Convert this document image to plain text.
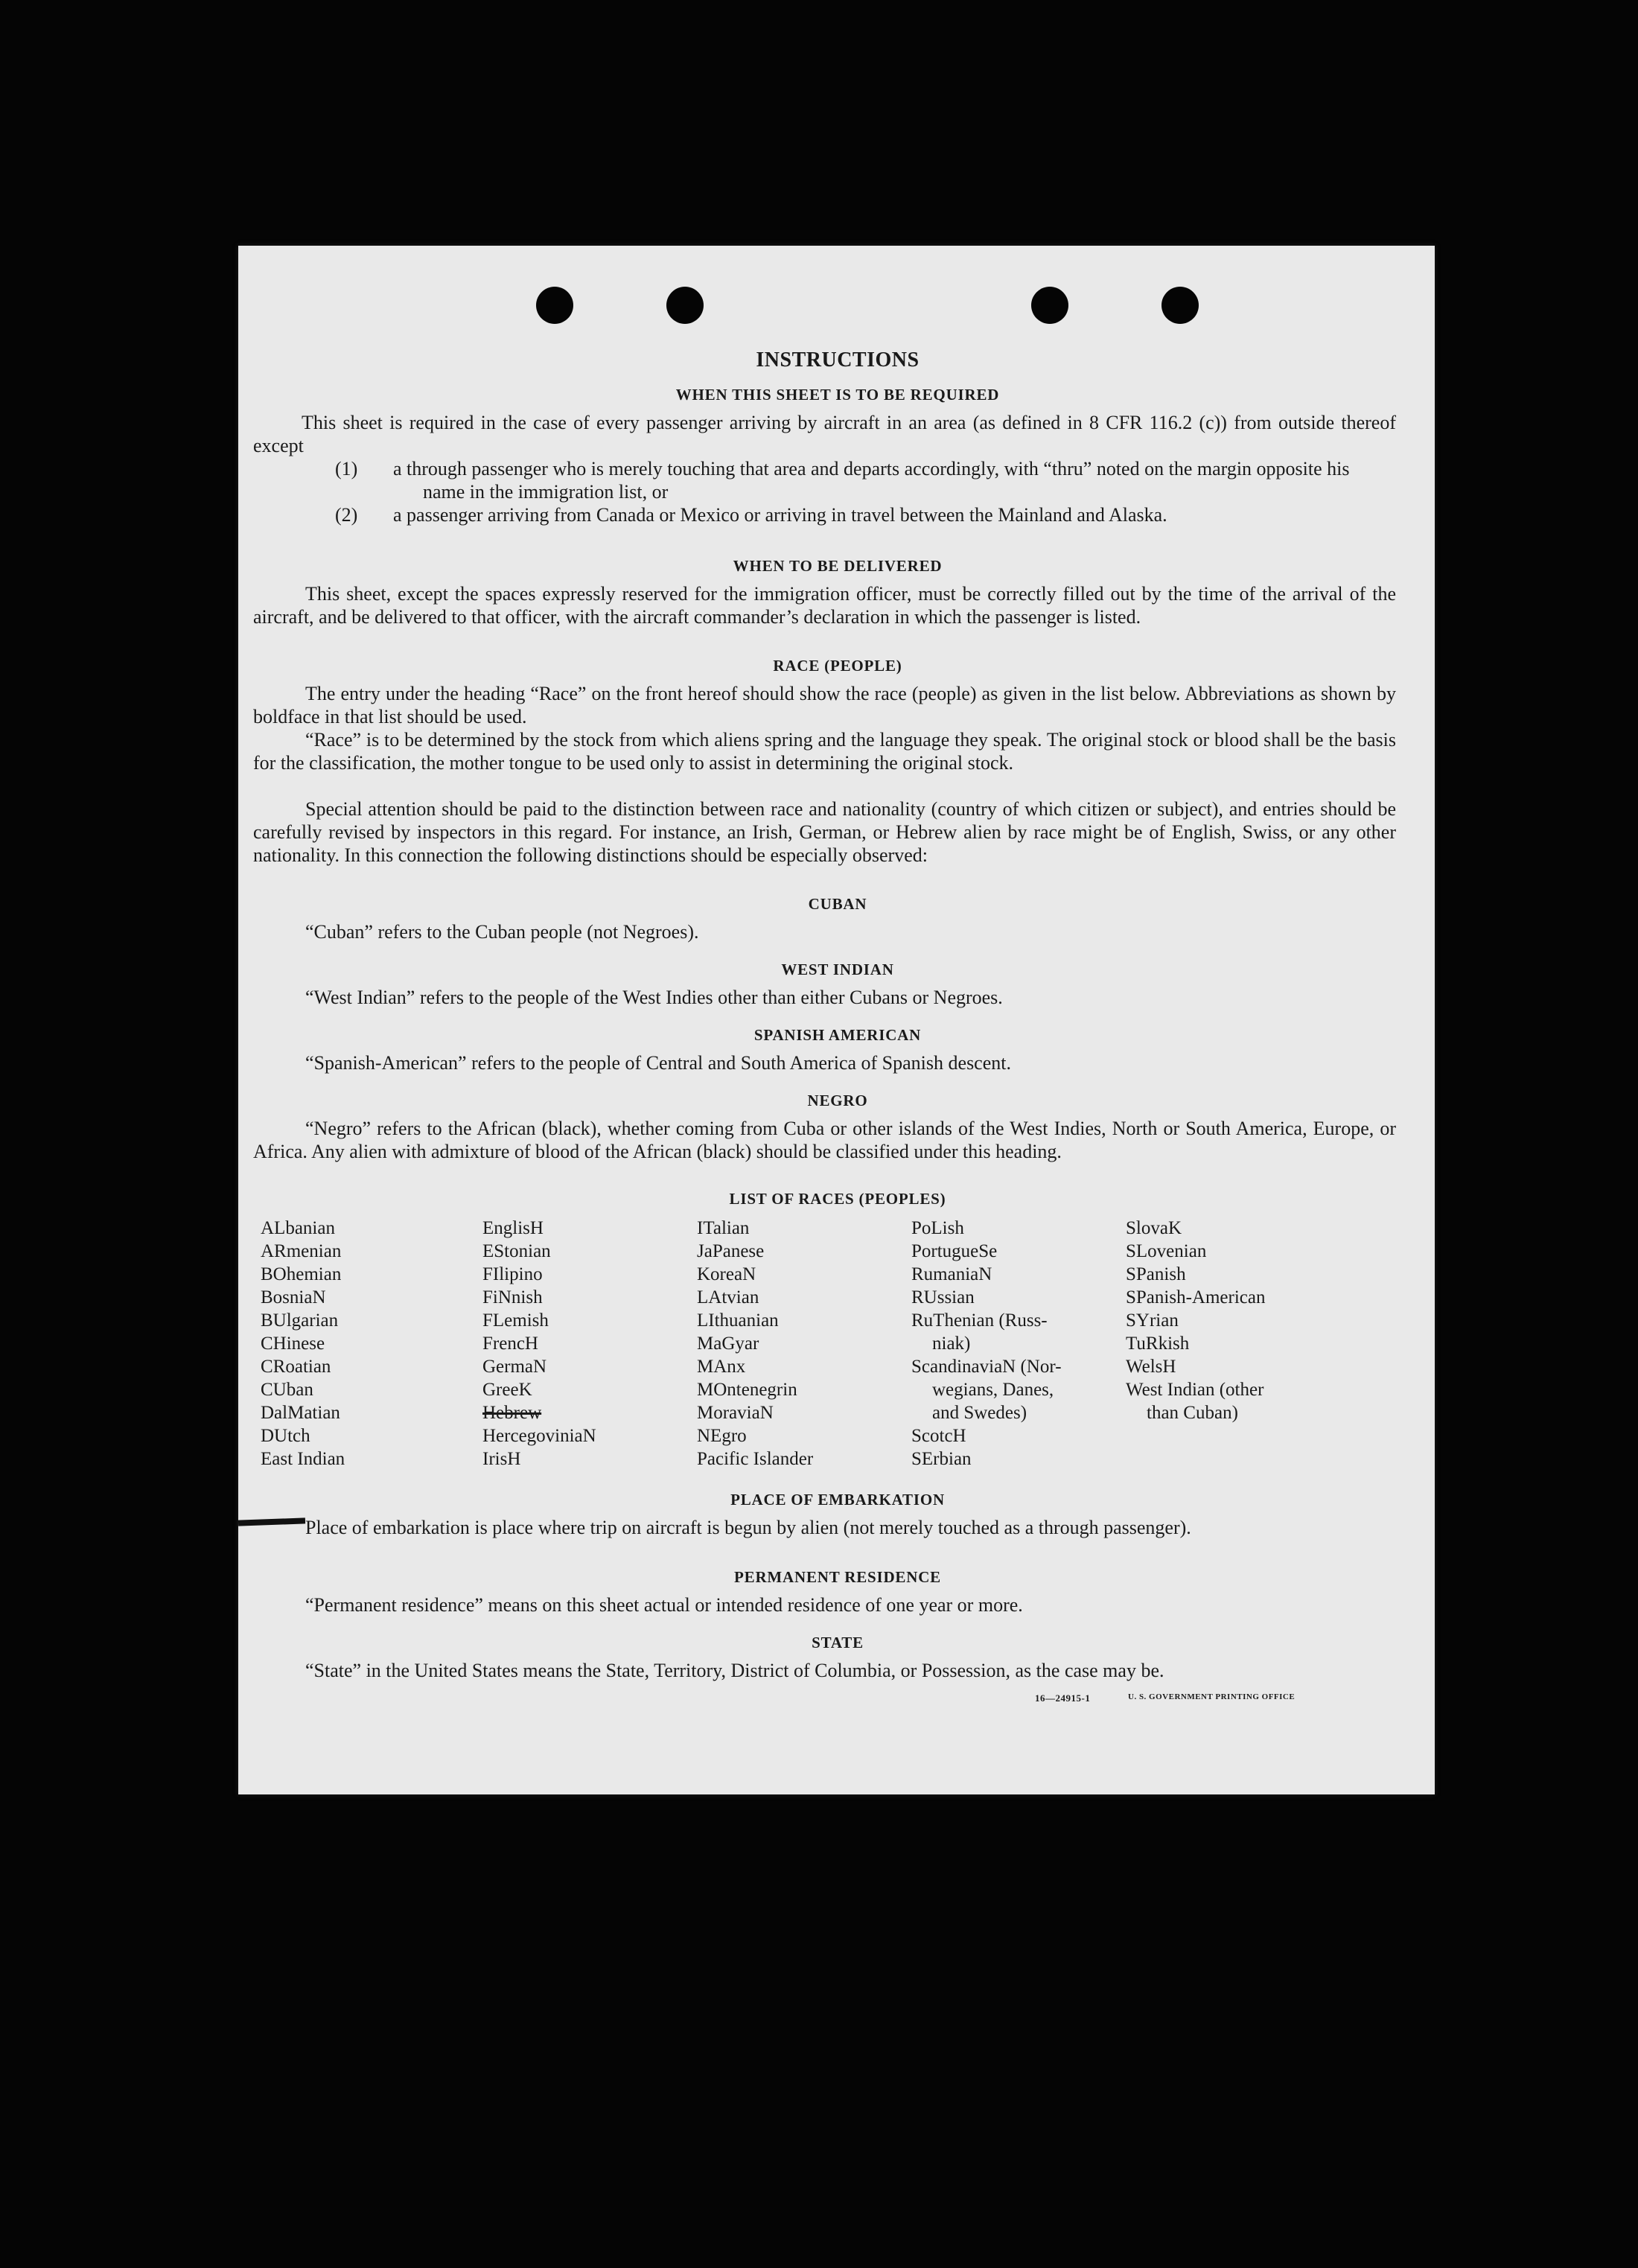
INSTRUCTIONS
WHEN THIS SHEET IS TO BE REQUIRED
This sheet is required in the case of every passenger arriving by aircraft in an area (as defined in 8 CFR 116.2 (c)) from outside thereof except
(1) a through passenger who is merely touching that area and departs accordingly, with “thru” noted on the margin opposite his name in the immigration list, or
(2) a passenger arriving from Canada or Mexico or arriving in travel between the Mainland and Alaska.
WHEN TO BE DELIVERED
This sheet, except the spaces expressly reserved for the immigration officer, must be correctly filled out by the time of the arrival of the aircraft, and be delivered to that officer, with the aircraft commander’s declaration in which the passenger is listed.
RACE (PEOPLE)
The entry under the heading “Race” on the front hereof should show the race (people) as given in the list below. Abbreviations as shown by boldface in that list should be used.
“Race” is to be determined by the stock from which aliens spring and the language they speak. The original stock or blood shall be the basis for the classification, the mother tongue to be used only to assist in determining the original stock.
Special attention should be paid to the distinction between race and nationality (country of which citizen or subject), and entries should be carefully revised by inspectors in this regard. For instance, an Irish, German, or Hebrew alien by race might be of English, Swiss, or any other nationality. In this connection the following distinctions should be especially observed:
CUBAN
“Cuban” refers to the Cuban people (not Negroes).
WEST INDIAN
“West Indian” refers to the people of the West Indies other than either Cubans or Negroes.
SPANISH AMERICAN
“Spanish-American” refers to the people of Central and South America of Spanish descent.
NEGRO
“Negro” refers to the African (black), whether coming from Cuba or other islands of the West Indies, North or South America, Europe, or Africa. Any alien with admixture of blood of the African (black) should be classified under this heading.
LIST OF RACES (PEOPLES)
ALbanian
ARmenian
BOhemian
BosniaN
BUlgarian
CHinese
CRoatian
CUban
DalMatian
DUtch
East Indian
EnglisH
EStonian
FIlipino
FiNnish
FLemish
FrencH
GermaN
GreeK
Hebrew
HercegoviniaN
IrisH
ITalian
JaPanese
KoreaN
LAtvian
LIthuanian
MaGyar
MAnx
MOntenegrin
MoraviaN
NEgro
Pacific Islander
PoLish
PortugueSe
RumaniaN
RUssian
RuThenian (Russ-
niak)
ScandinaviaN (Nor-
wegians, Danes,
and Swedes)
ScotcH
SErbian
SlovaK
SLovenian
SPanish
SPanish-American
SYrian
TuRkish
WelsH
West Indian (other
than Cuban)
PLACE OF EMBARKATION
Place of embarkation is place where trip on aircraft is begun by alien (not merely touched as a through passenger).
PERMANENT RESIDENCE
“Permanent residence” means on this sheet actual or intended residence of one year or more.
STATE
“State” in the United States means the State, Territory, District of Columbia, or Possession, as the case may be.
16—24915-1	U. S. GOVERNMENT PRINTING OFFICE
